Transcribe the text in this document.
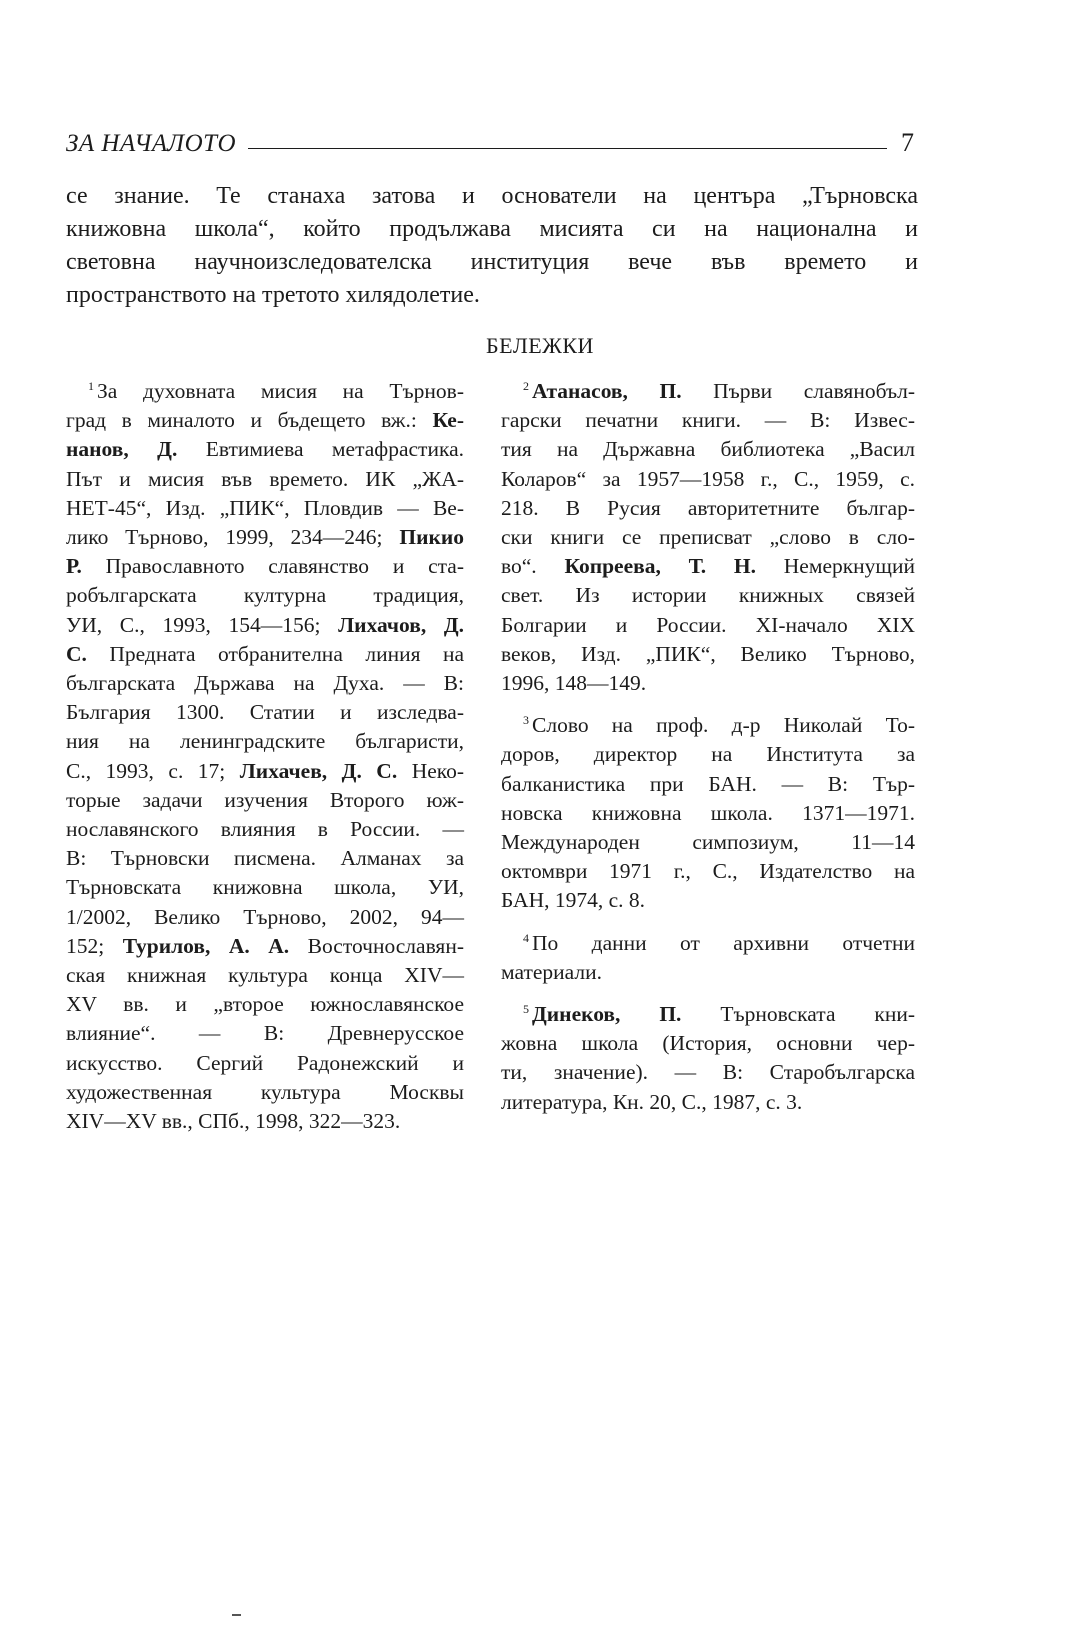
ЗА НАЧАЛОТО	7

се знание. Те станаха затова и основатели на центъра „Търновска
книжовна школа“, който продължава мисията си на национална и
световна научноизследователска институция вече във времето и
пространството на третото хилядолетие.

БЕЛЕЖКИ
$^1$ За духовната мисия на Търнов-
град в миналото и бъдещето вж.: Ке-
нанов, Д. Евтимиева метафрастика.
Път и мисия във времето. ИК „ЖА-
НЕТ-45“, Изд. „ПИК“, Пловдив — Ве-
лико Търново, 1999, 234—246; Пикио
Р. Православното славянство и ста-
робългарската културна традиция,
УИ, С., 1993, 154—156; Лихачов, Д.
С. Предната отбранителна линия на
българската Държава на Духа. — В:
България 1300. Статии и изследва-
ния на ленинградските българисти,
С., 1993, с. 17; Лихачев, Д. С. Неко-
торые задачи изучения Второго юж-
нославянского влияния в России. —
В: Търновски писмена. Алманах за
Търновската книжовна школа, УИ,
1/2002, Велико Търново, 2002, 94—
152; Турилов, А. А. Восточнославян-
ская книжная культура конца XIV—
XV вв. и „второе южнославянское
влияние“. — В: Древнерусское
искусство. Сергий Радонежский и
художественная культура Москвы
XIV—XV вв., СПб., 1998, 322—323.
$^2$ Атанасов, П. Първи славянобъл-
гарски печатни книги. — В: Извес-
тия на Държавна библиотека „Васил
Коларов“ за 1957—1958 г., С., 1959, с.
218. В Русия авторитетните българ-
ски книги се преписват „слово в сло-
во“. Копреева, Т. Н. Немеркнущий
свет. Из истории книжных связей
Болгарии и России. XI-начало XIX
веков, Изд. „ПИК“, Велико Търново,
1996, 148—149.
$^3$ Слово на проф. д-р Николай То-
доров, директор на Института за
балканистика при БАН. — В: Тър-
новска книжовна школа. 1371—1971.
Международен симпозиум, 11—14
октомври 1971 г., С., Издателство на
БАН, 1974, с. 8.
$^4$ По данни от архивни отчетни
материали.
$^5$ Динеков, П. Търновската кни-
жовна школа (История, основни чер-
ти, значение). — В: Старобългарска
литература, Кн. 20, С., 1987, с. 3.
